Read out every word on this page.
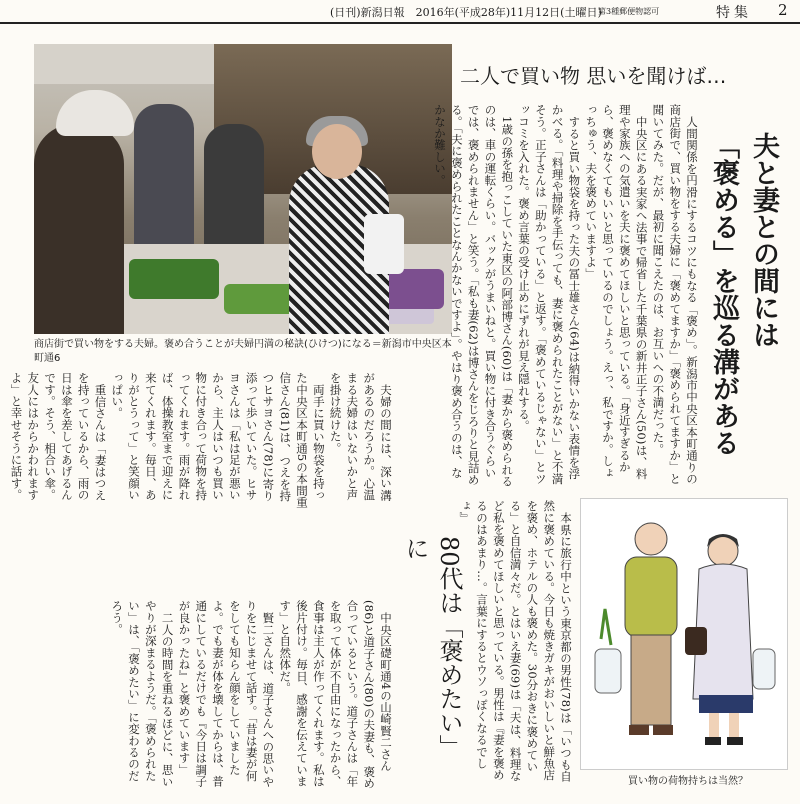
(日刊)新潟日報　2016年(平成28年)11月12日(土曜日)
第3種郵便物認可	特集 2
商店街で買い物をする夫婦。褒め合うことが夫婦円満の秘訣(ひけつ)になる＝新潟市中央区本町通6
二人で買い物 思いを聞けば…
夫と妻との間には
「褒める」を巡る溝がある

人間関係を円滑にするコツにもなる「褒め」。新潟市中央区本町通りの商店街で、買い物をする夫婦に「褒めてますか」「褒められてますか」と聞いてみた。だが、最初に聞こえたのは、お互いへの不満だった。

中央区にある実家へ法事で帰省した千葉県の新井正子さん(50)は、料理や家族への気遣いを夫に褒めてほしいと思っている。「身近すぎるから、褒めなくてもいいと思っているのでしょう。えっ、私ですか。しょっちゅう、夫を褒めていますよ」

すると買い物袋を持った夫の冨士雄さん(64)は納得いかない表情を浮かべる。「料理や掃除を手伝っても、妻に褒められたことがない」と不満そう。正子さんは「助かっている」と返す。「褒めているじゃない」とツッコミを入れた。褒め言葉の受け止めにずれが見え隠れする。

1歳の孫を抱っこしていた東区の阿部博さん(60)は「妻から褒められるのは、車の運転くらい。バックがうまいねと。買い物に付き合うぐらいでは、褒められません」と笑う。「私も妻(62)は博さんをじろりと見詰める。「夫に褒められたことなんかないですよ」。やはり褒め合うのは、なかなか難しい。

本県に旅行中という東京都の男性(78)は「いつも自然に褒めている。今日も焼きガキがおいしいと鮮魚店を褒め、ホテルの人も褒めた。30分おきに褒めている」と自信満々だ。とはいえ妻(69)は「夫は、料理など私を褒めてほしいと思っている。男性は『妻を褒めるのはあまり…。言葉にするとウソっぽくなるでしょ』

80代は「褒めたい」に

夫婦の間には、深い溝があるのだろうか。心温まる夫婦はいないかと声を掛け続けた。

両手に買い物袋を持った中央区本町通5の本間重信さん(81)は、つえを持つヒサヨさん(78)に寄り添って歩いていた。ヒサヨさんは「私は足が悪いから、主人はいつも買い物に付き合って荷物を持ってくれます。雨が降れば、体操教室まで迎えに来てくれます。毎日、ありがとうって」と笑顔いっぱい。

重信さんは「妻はつえを持っているから、雨の日は傘を差してあげるんです。そう、相合い傘。友人にはからかわれますよ」と幸せそうに話す。

中央区礎町通4の山崎賢二さん(86)と道子さん(80)の夫妻も、褒め合っているという。道子さんは「年を取って体が不自由になったから、食事は主人が作ってくれます。私は後片付け。毎日、感謝を伝えています」と自然体だ。

賢二さんは、道子さんへの思いやりをにじませて話す。「昔は妻が何をしても知らん顔をしていましたよ。でも妻が体を壊してからは、普通にしているだけでも『今日は調子が良かったね』と褒めています」

二人の時間を重ねるほどに、思いやりが深まるようだ。「褒められたい」は、「褒めたい」に変わるのだろう。

買い物の荷物持ちは当然？
